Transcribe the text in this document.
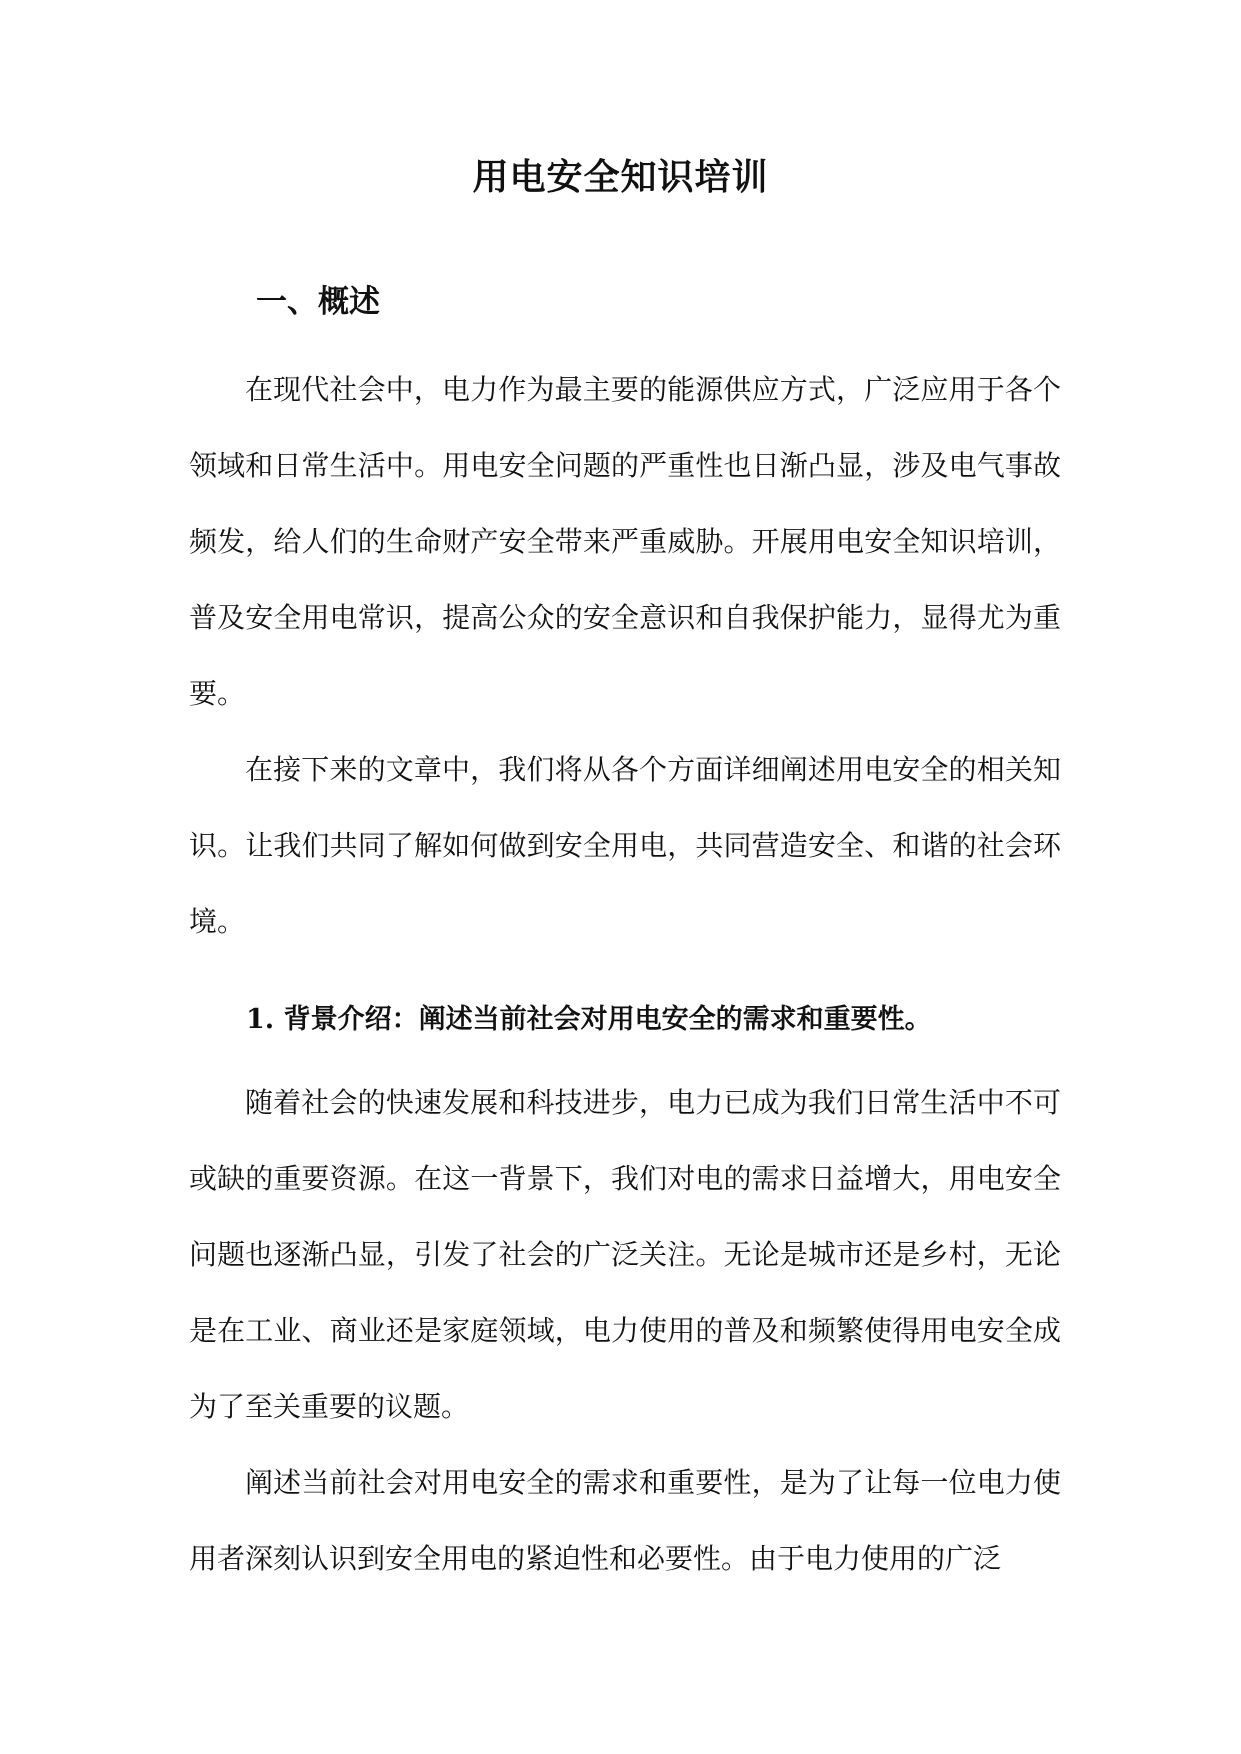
用电安全知识培训
一、概述

在现代社会中，电力作为最主要的能源供应方式，广泛应用于各个领域和日常生活中。用电安全问题的严重性也日渐凸显，涉及电气事故频发，给人们的生命财产安全带来严重威胁。开展用电安全知识培训，普及安全用电常识，提高公众的安全意识和自我保护能力，显得尤为重要。

在接下来的文章中，我们将从各个方面详细阐述用电安全的相关知识。让我们共同了解如何做到安全用电，共同营造安全、和谐的社会环境。

1. 背景介绍：阐述当前社会对用电安全的需求和重要性。

随着社会的快速发展和科技进步，电力已成为我们日常生活中不可或缺的重要资源。在这一背景下，我们对电的需求日益增大，用电安全问题也逐渐凸显，引发了社会的广泛关注。无论是城市还是乡村，无论是在工业、商业还是家庭领域，电力使用的普及和频繁使得用电安全成为了至关重要的议题。

阐述当前社会对用电安全的需求和重要性，是为了让每一位电力使用者深刻认识到安全用电的紧迫性和必要性。由于电力使用的广泛
